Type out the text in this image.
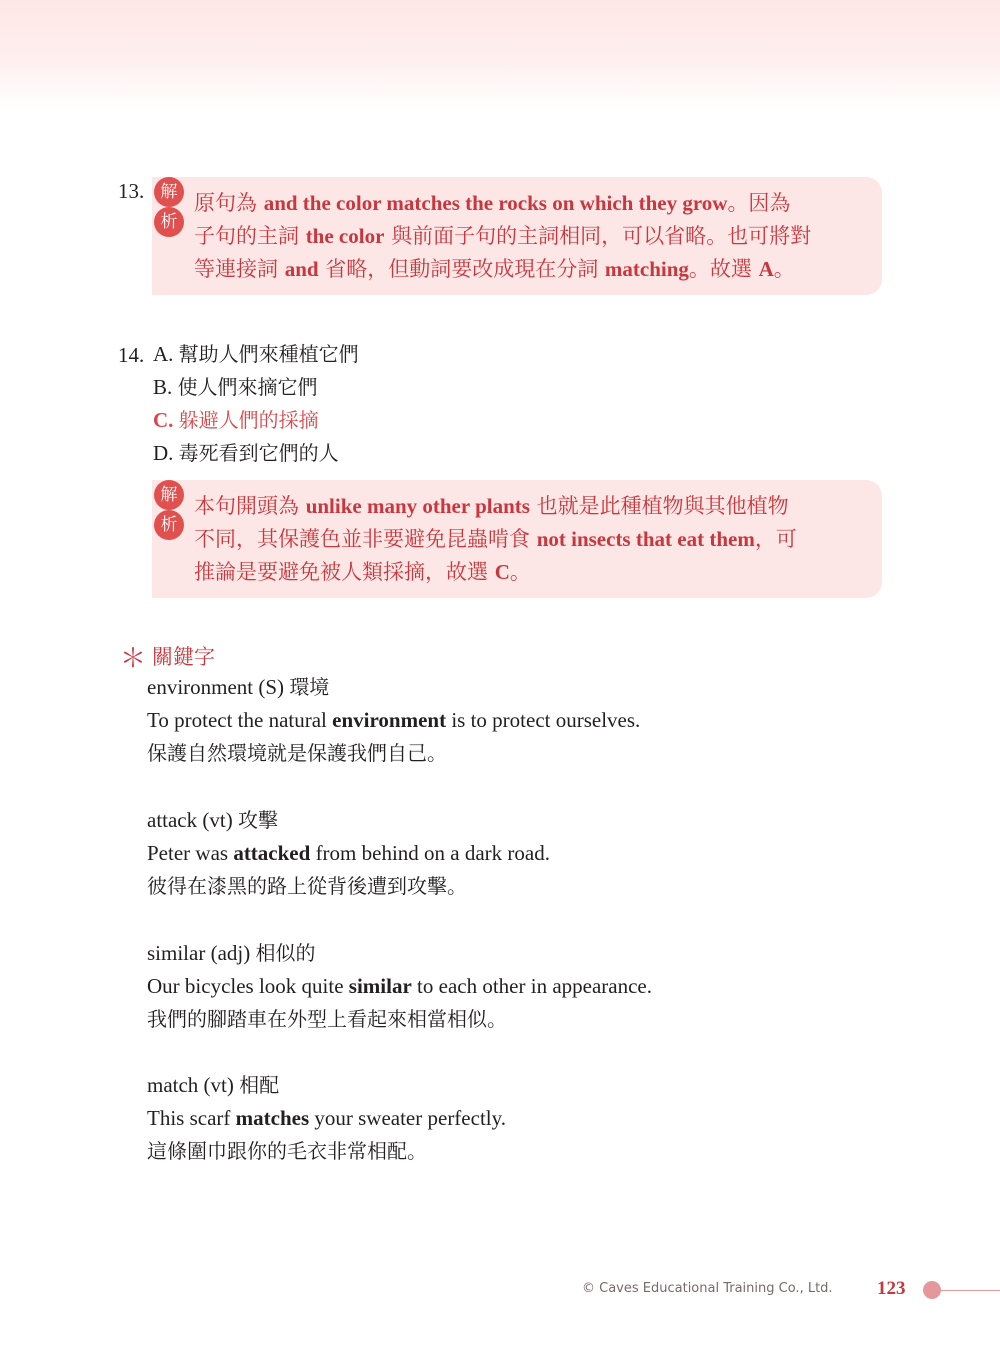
13. 解
析
原句為 and the color matches the rocks on which they grow。因為
子句的主詞 the color 與前面子句的主詞相同，可以省略。也可將對
等連接詞 and 省略，但動詞要改成現在分詞 matching。故選 A。
14. A. 幫助人們來種植它們
B. 使人們來摘它們
C. 躲避人們的採摘
D. 毒死看到它們的人
解
析
本句開頭為 unlike many other plants 也就是此種植物與其他植物
不同，其保護色並非要避免昆蟲啃食 not insects that eat them，可
推論是要避免被人類採摘，故選 C。
＊ 關鍵字
environment (S) 環境
To protect the natural environment is to protect ourselves.
保護自然環境就是保護我們自己。
attack (vt) 攻擊
Peter was attacked from behind on a dark road.
彼得在漆黑的路上從背後遭到攻擊。
similar (adj) 相似的
Our bicycles look quite similar to each other in appearance.
我們的腳踏車在外型上看起來相當相似。
match (vt) 相配
This scarf matches your sweater perfectly.
這條圍巾跟你的毛衣非常相配。
© Caves Educational Training Co., Ltd. 123
